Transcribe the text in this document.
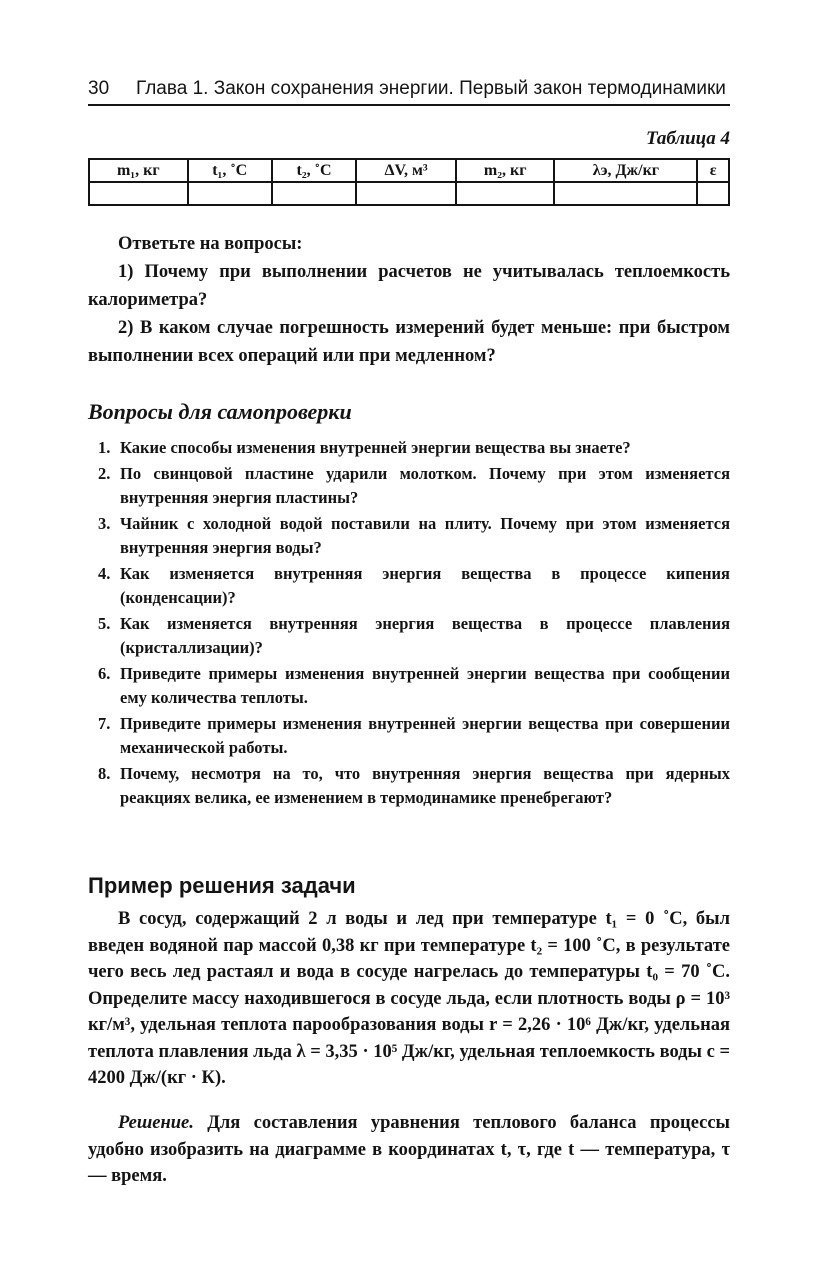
30 Глава 1. Закон сохранения энергии. Первый закон термодинамики
Таблица 4
m₁, кг	t₁, ˚С	t₂, ˚С	ΔV, м³	m₂, кг	λэ, Дж/кг	ε

Ответьте на вопросы:
1) Почему при выполнении расчетов не учитывалась теплоемкость калориметра?
2) В каком случае погрешность измерений будет меньше: при быстром выполнении всех операций или при медленном?
Вопросы для самопроверки
1. Какие способы изменения внутренней энергии вещества вы знаете?
2. По свинцовой пластине ударили молотком. Почему при этом изменяется внутренняя энергия пластины?
3. Чайник с холодной водой поставили на плиту. Почему при этом изменяется внутренняя энергия воды?
4. Как изменяется внутренняя энергия вещества в процессе кипения (конденсации)?
5. Как изменяется внутренняя энергия вещества в процессе плавления (кристаллизации)?
6. Приведите примеры изменения внутренней энергии вещества при сообщении ему количества теплоты.
7. Приведите примеры изменения внутренней энергии вещества при совершении механической работы.
8. Почему, несмотря на то, что внутренняя энергия вещества при ядерных реакциях велика, ее изменением в термодинамике пренебрегают?
Пример решения задачи
В сосуд, содержащий 2 л воды и лед при температуре t₁ = 0 ˚С, был введен водяной пар массой 0,38 кг при температуре t₂ = 100 ˚С, в результате чего весь лед растаял и вода в сосуде нагрелась до температуры t₀ = 70 ˚С. Определите массу находившегося в сосуде льда, если плотность воды ρ = 10³ кг/м³, удельная теплота парообразования воды r = 2,26 · 10⁶ Дж/кг, удельная теплота плавления льда λ = 3,35 · 10⁵ Дж/кг, удельная теплоемкость воды c = 4200 Дж/(кг · К).
Решение. Для составления уравнения теплового баланса процессы удобно изобразить на диаграмме в координатах t, τ, где t — температура, τ — время.
